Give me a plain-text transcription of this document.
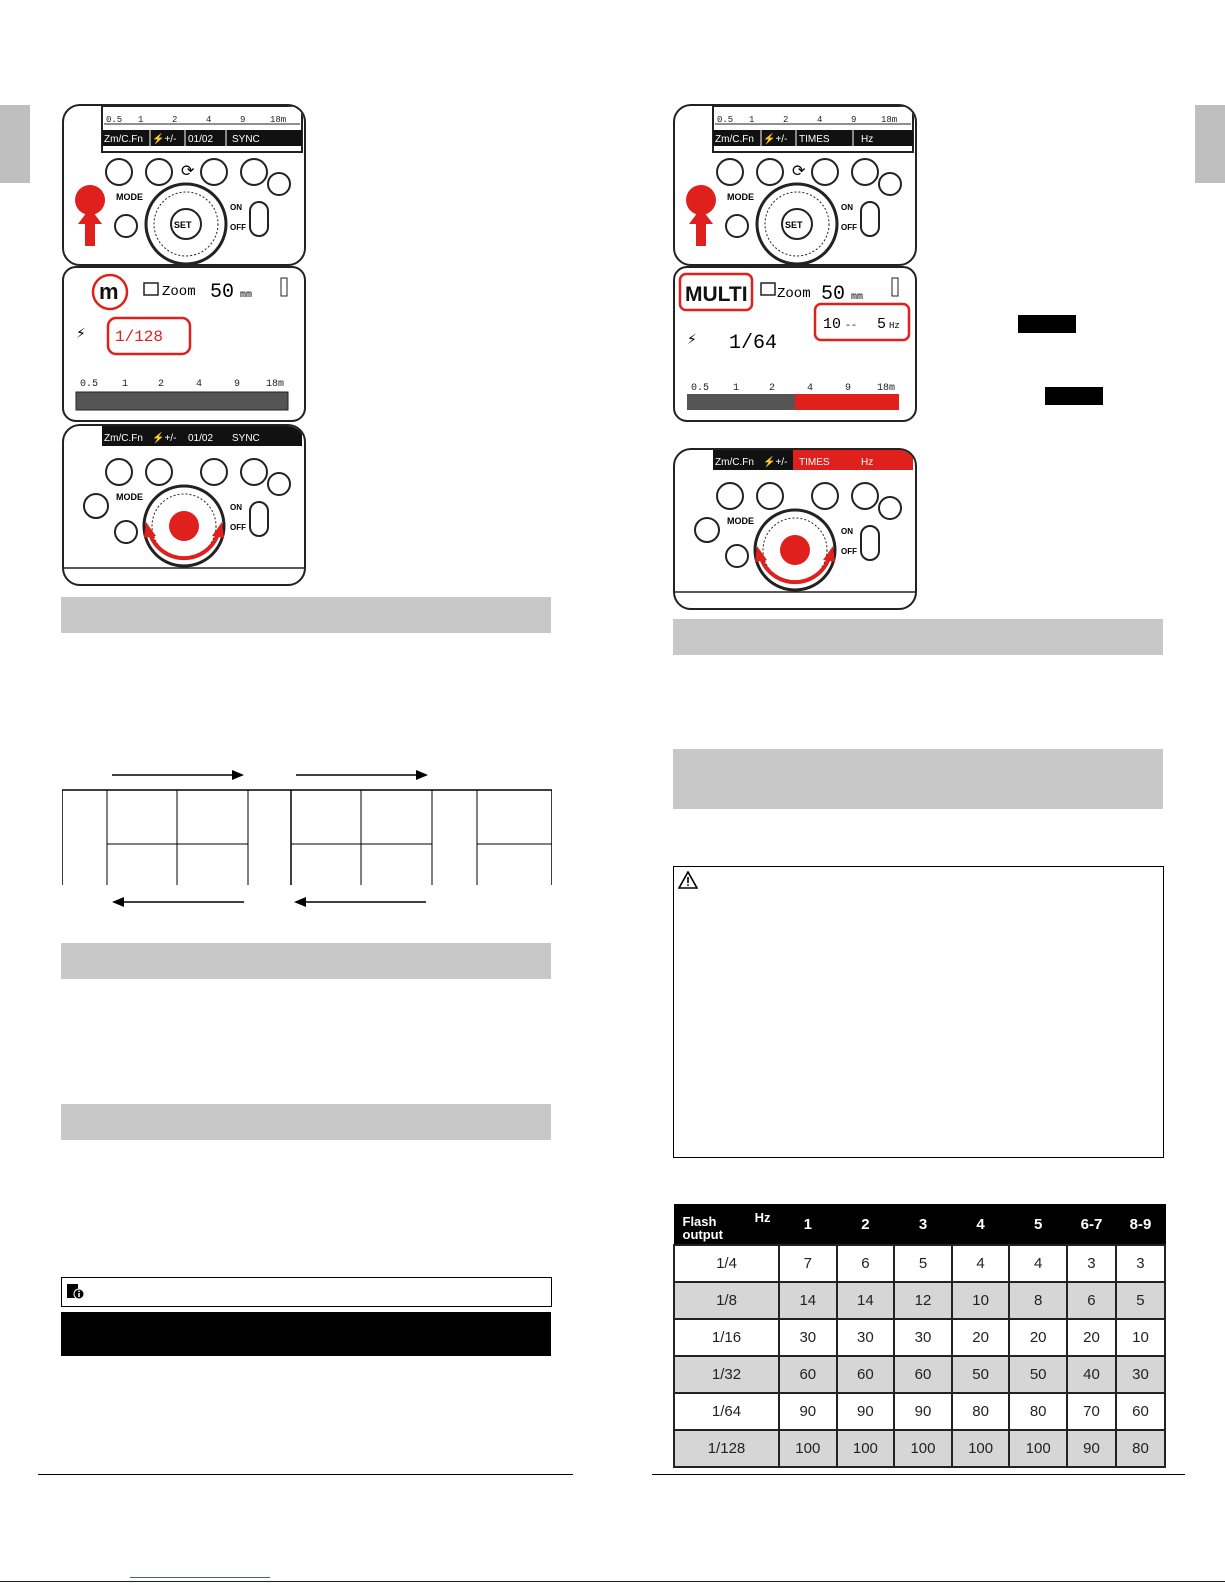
0.5 1	2	4	9	18m
Zm/C.Fn ⚡+/- 01/02 SYNC
⟳
MODE
SET
ON
OFF
m	Zoom 50 mm
1/128
⚡
0.5 1	2	4	9	18m
Zm/C.Fn ⚡+/- 01/02 SYNC
MODE
ON
OFF
0.5 1	2	4	9	18m
Zm/C.Fn ⚡+/- TIMES	Hz
⟳
MODE
SET
ON
OFF
MULTI Zoom 50 mm
10 -- 5 Hz
⚡ 1/64
0.5 1	2	4	9	18m
Zm/C.Fn ⚡+/- TIMES	Hz
MODE
ON
OFF
Hz
Flash
output	1	2	3	4	5	6-7	8-9
1/4	7	6	5	4	4	3	3
1/8	14	14	12	10	8	6	5
1/16	30	30	30	20	20	20	10
1/32	60	60	60	50	50	40	30
1/64	90	90	90	80	80	70	60
1/128	100	100	100	100	100	90	80
